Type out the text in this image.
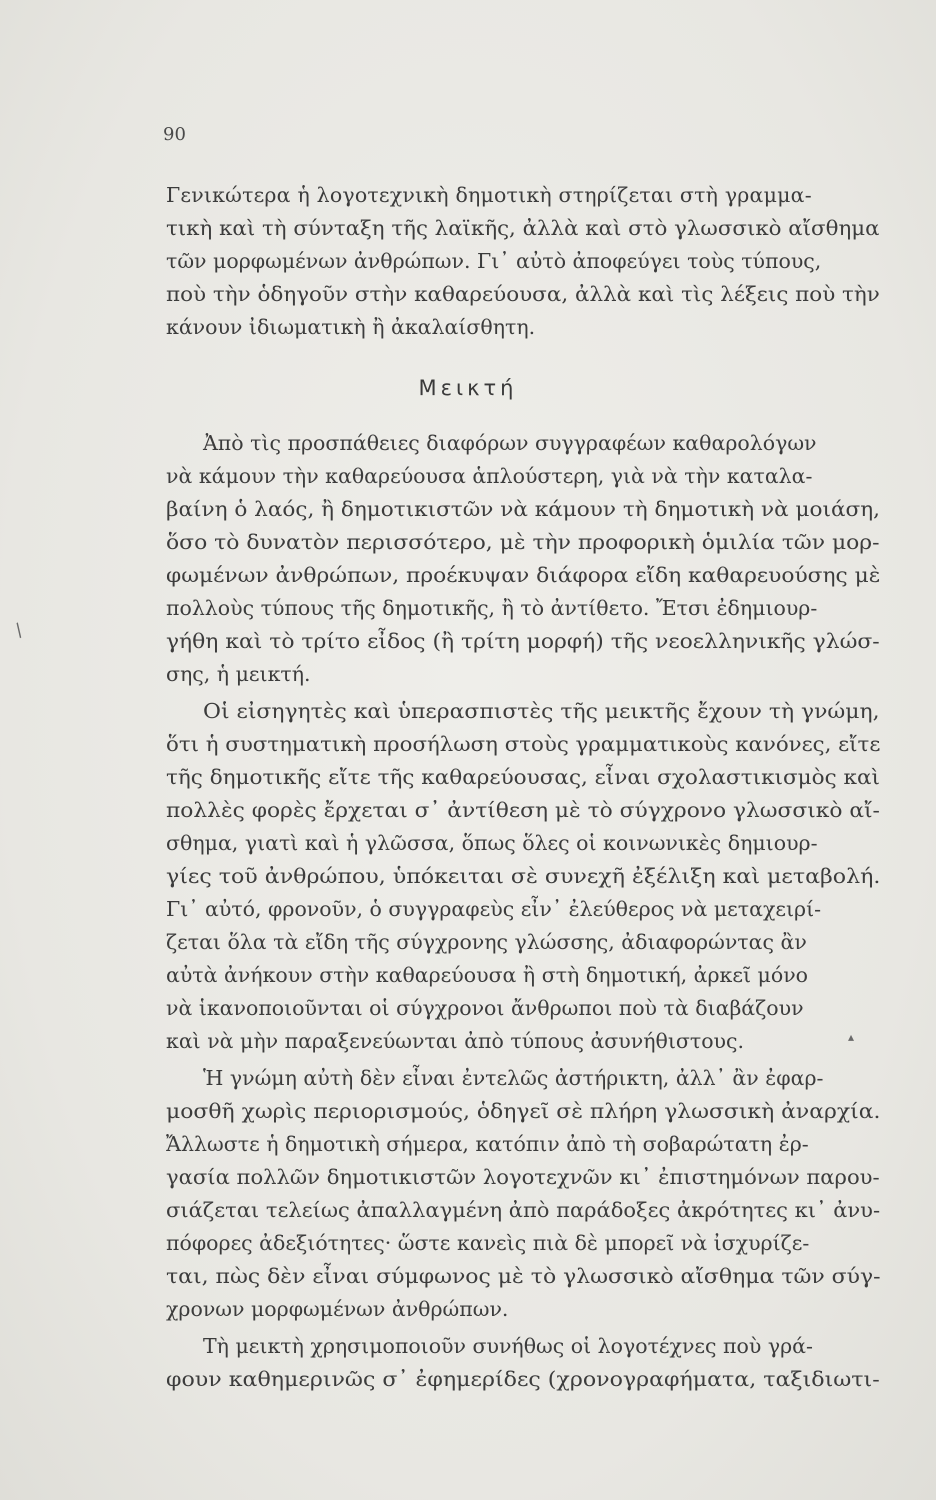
90
Γενικώτερα ἡ λογοτεχνικὴ δημοτικὴ στηρίζεται στὴ γραμμα-
τικὴ καὶ τὴ σύνταξη τῆς λαϊκῆς, ἀλλὰ καὶ στὸ γλωσσικὸ αἴσθημα
τῶν μορφωμένων ἀνθρώπων. Γι᾿ αὐτὸ ἀποφεύγει τοὺς τύπους,
ποὺ τὴν ὁδηγοῦν στὴν καθαρεύουσα, ἀλλὰ καὶ τὶς λέξεις ποὺ τὴν
κάνουν ἰδιωματικὴ ἢ ἀκαλαίσθητη.
Μεικτή
Ἀπὸ τὶς προσπάθειες διαφόρων συγγραφέων καθαρολόγων
νὰ κάμουν τὴν καθαρεύουσα ἁπλούστερη, γιὰ νὰ τὴν καταλα-
βαίνη ὁ λαός, ἢ δημοτικιστῶν νὰ κάμουν τὴ δημοτικὴ νὰ μοιάση,
ὅσο τὸ δυνατὸν περισσότερο, μὲ τὴν προφορικὴ ὁμιλία τῶν μορ-
φωμένων ἀνθρώπων, προέκυψαν διάφορα εἴδη καθαρευούσης μὲ
πολλοὺς τύπους τῆς δημοτικῆς, ἢ τὸ ἀντίθετο. Ἔτσι ἐδημιουρ-
γήθη καὶ τὸ τρίτο εἶδος (ἢ τρίτη μορφή) τῆς νεοελληνικῆς γλώσ-
σης, ἡ μεικτή.
Οἱ εἰσηγητὲς καὶ ὑπερασπιστὲς τῆς μεικτῆς ἔχουν τὴ γνώμη,
ὅτι ἡ συστηματικὴ προσήλωση στοὺς γραμματικοὺς κανόνες, εἴτε
τῆς δημοτικῆς εἴτε τῆς καθαρεύουσας, εἶναι σχολαστικισμὸς καὶ
πολλὲς φορὲς ἔρχεται σ᾿ ἀντίθεση μὲ τὸ σύγχρονο γλωσσικὸ αἴ-
σθημα, γιατὶ καὶ ἡ γλῶσσα, ὅπως ὅλες οἱ κοινωνικὲς δημιουρ-
γίες τοῦ ἀνθρώπου, ὑπόκειται σὲ συνεχῆ ἐξέλιξη καὶ μεταβολή.
Γι᾿ αὐτό, φρονοῦν, ὁ συγγραφεὺς εἶν᾿ ἐλεύθερος νὰ μεταχειρί-
ζεται ὅλα τὰ εἴδη τῆς σύγχρονης γλώσσης, ἀδιαφορώντας ἂν
αὐτὰ ἀνήκουν στὴν καθαρεύουσα ἢ στὴ δημοτική, ἀρκεῖ μόνο
νὰ ἱκανοποιοῦνται οἱ σύγχρονοι ἄνθρωποι ποὺ τὰ διαβάζουν
καὶ νὰ μὴν παραξενεύωνται ἀπὸ τύπους ἀσυνήθιστους.
Ἡ γνώμη αὐτὴ δὲν εἶναι ἐντελῶς ἀστήρικτη, ἀλλ᾿ ἂν ἐφαρ-
μοσθῆ χωρὶς περιορισμούς, ὁδηγεῖ σὲ πλήρη γλωσσικὴ ἀναρχία.
Ἄλλωστε ἡ δημοτικὴ σήμερα, κατόπιν ἀπὸ τὴ σοβαρώτατη ἐρ-
γασία πολλῶν δημοτικιστῶν λογοτεχνῶν κι᾿ ἐπιστημόνων παρου-
σιάζεται τελείως ἀπαλλαγμένη ἀπὸ παράδοξες ἀκρότητες κι᾿ ἀνυ-
πόφορες ἀδεξιότητες· ὥστε κανεὶς πιὰ δὲ μπορεῖ νὰ ἰσχυρίζε-
ται, πὼς δὲν εἶναι σύμφωνος μὲ τὸ γλωσσικὸ αἴσθημα τῶν σύγ-
χρονων μορφωμένων ἀνθρώπων.
Τὴ μεικτὴ χρησιμοποιοῦν συνήθως οἱ λογοτέχνες ποὺ γρά-
φουν καθημερινῶς σ᾿ ἐφημερίδες (χρονογραφήματα, ταξιδιωτι-
/
▴
